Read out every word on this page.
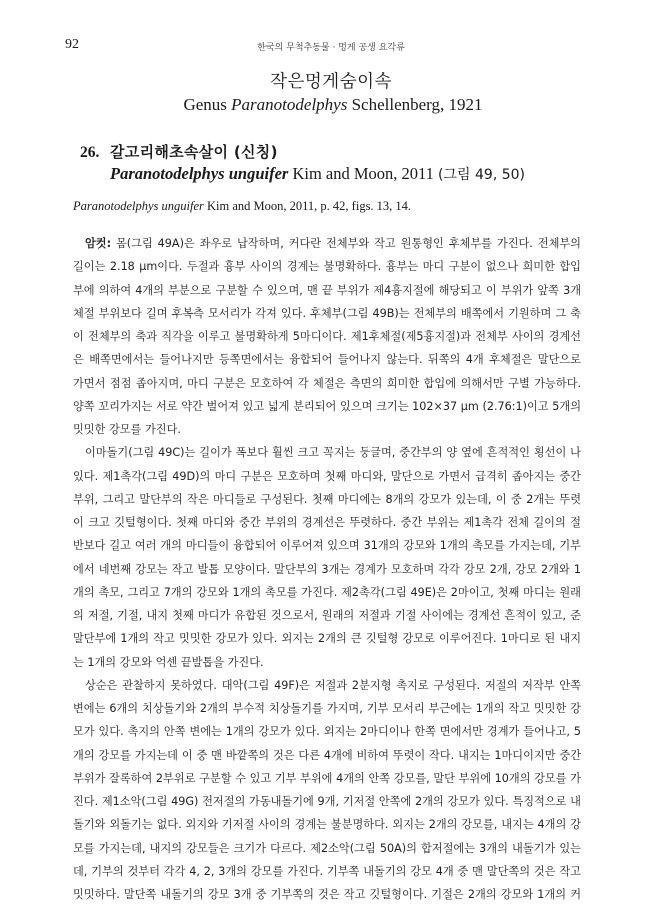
92	한국의 무척추동물 · 멍게 공생 요각류
작은멍게숨이속
Genus Paranotodelphys Schellenberg, 1921
26. 갈고리해초속살이 (신칭)
Paranotodelphys unguifer Kim and Moon, 2011 (그림 49, 50)
Paranotodelphys unguifer Kim and Moon, 2011, p. 42, figs. 13, 14.
암컷: 몸(그림 49A)은 좌우로 납작하며, 커다란 전체부와 작고 원통형인 후체부를 가진다. 전체부의
길이는 2.18 μm이다. 두절과 흉부 사이의 경계는 불명확하다. 흉부는 마디 구분이 없으나 희미한 합입
부에 의하여 4개의 부분으로 구분할 수 있으며, 맨 끝 부위가 제4흉지절에 해당되고 이 부위가 앞쪽 3개
체절 부위보다 길며 후복측 모서리가 각져 있다. 후체부(그림 49B)는 전체부의 배쪽에서 기원하며 그 축
이 전체부의 축과 직각을 이루고 불명확하게 5마디이다. 제1후체절(제5흉지절)과 전체부 사이의 경계선
은 배쪽면에서는 들어나지만 등쪽면에서는 융합되어 들어나지 않는다. 뒤쪽의 4개 후체절은 말단으로
가면서 점점 좁아지며, 마디 구분은 모호하여 각 체절은 측면의 희미한 합입에 의해서만 구별 가능하다.
양쪽 꼬리가지는 서로 약간 벌어져 있고 넓게 분리되어 있으며 크기는 102×37 μm (2.76:1)이고 5개의
밋밋한 강모를 가진다.
이마돌기(그림 49C)는 길이가 폭보다 훨씬 크고 꼭지는 둥글며, 중간부의 양 옆에 흔적적인 횡선이 나
있다. 제1촉각(그림 49D)의 마디 구분은 모호하며 첫째 마디와, 말단으로 가면서 급격히 좁아지는 중간
부위, 그리고 말단부의 작은 마디들로 구성된다. 첫째 마디에는 8개의 강모가 있는데, 이 중 2개는 뚜렷
이 크고 깃털형이다. 첫째 마디와 중간 부위의 경계선은 뚜렷하다. 중간 부위는 제1촉각 전체 길이의 절
반보다 길고 여러 개의 마디들이 융합되어 이루어져 있으며 31개의 강모와 1개의 촉모를 가지는데, 기부
에서 네번째 강모는 작고 발톱 모양이다. 말단부의 3개는 경계가 모호하며 각각 강모 2개, 강모 2개와 1
개의 촉모, 그리고 7개의 강모와 1개의 촉모를 가진다. 제2촉각(그림 49E)은 2마이고, 첫째 마디는 원래
의 저절, 기절, 내지 첫째 마디가 유합된 것으로서, 원래의 저절과 기절 사이에는 경계선 흔적이 있고, 준
말단부에 1개의 작고 밋밋한 강모가 있다. 외지는 2개의 큰 깃털형 강모로 이루어진다. 1마디로 된 내지
는 1개의 강모와 억센 끝발톱을 가진다.
상순은 관찰하지 못하였다. 대악(그림 49F)은 저절과 2분지형 촉지로 구성된다. 저절의 저작부 안쪽
변에는 6개의 치상돌기와 2개의 부수적 치상돌기를 가지며, 기부 모서리 부근에는 1개의 작고 밋밋한 강
모가 있다. 촉지의 안쪽 변에는 1개의 강모가 있다. 외지는 2마디이나 한쪽 면에서만 경계가 들어나고, 5
개의 강모를 가지는데 이 중 맨 바깥쪽의 것은 다른 4개에 비하여 뚜렷이 작다. 내지는 1마디이지만 중간
부위가 잘록하여 2부위로 구분할 수 있고 기부 부위에 4개의 안쪽 강모를, 말단 부위에 10개의 강모를 가
진다. 제1소악(그림 49G) 전저절의 가동내돌기에 9개, 기저절 안쪽에 2개의 강모가 있다. 특징적으로 내
돌기와 외돌기는 없다. 외지와 기저절 사이의 경계는 불분명하다. 외지는 2개의 강모를, 내지는 4개의 강
모를 가지는데, 내지의 강모들은 크기가 다르다. 제2소악(그림 50A)의 합저절에는 3개의 내돌기가 있는
데, 기부의 것부터 각각 4, 2, 3개의 강모를 가진다. 기부쪽 내돌기의 강모 4개 중 맨 말단쪽의 것은 작고
밋밋하다. 말단쪽 내돌기의 강모 3개 중 기부쪽의 것은 작고 깃털형이다. 기절은 2개의 강모와 1개의 커
